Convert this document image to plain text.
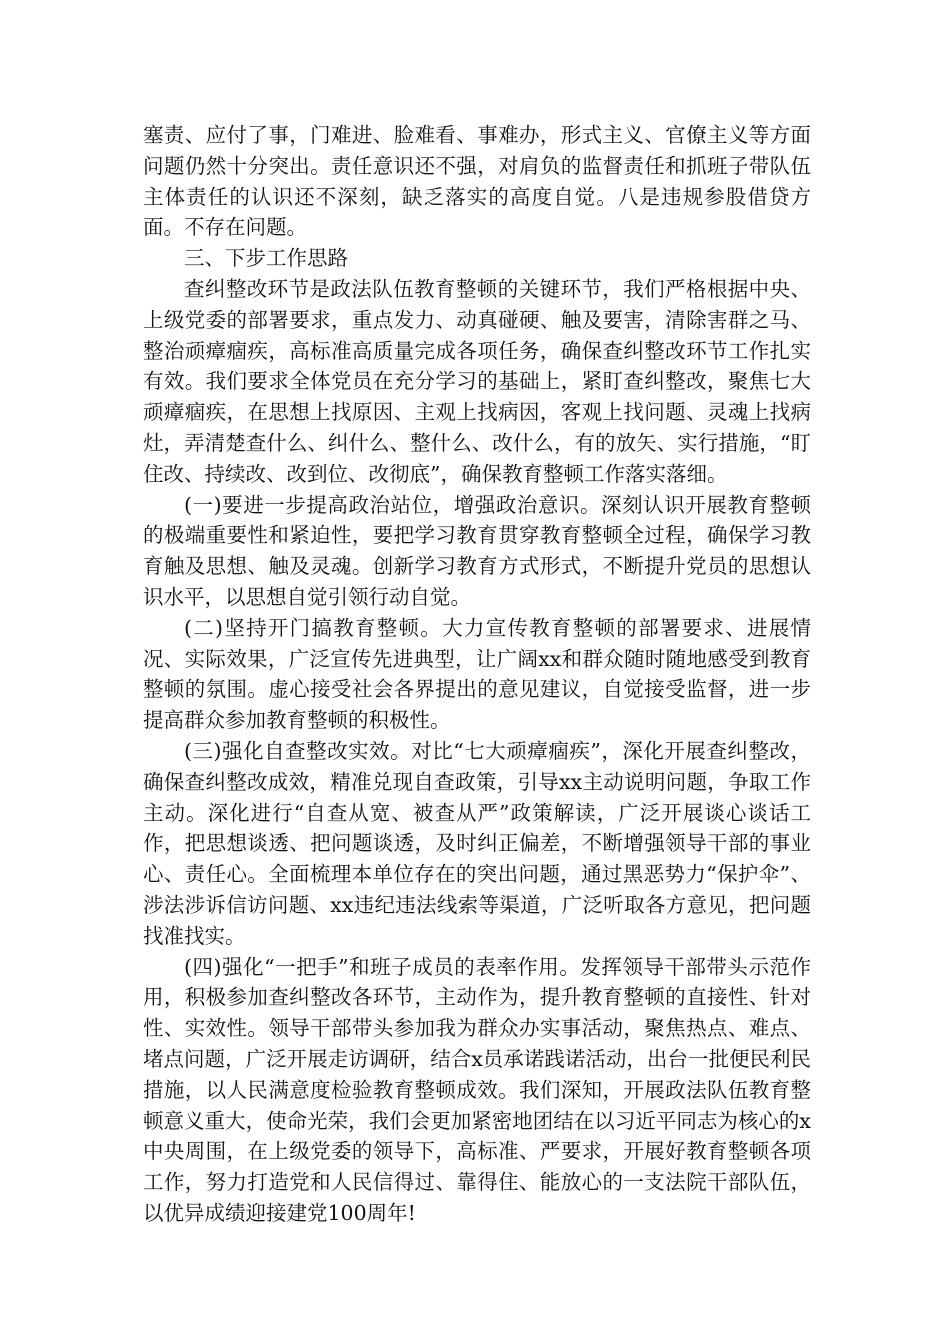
塞责、应付了事，门难进、脸难看、事难办，形式主义、官僚主义等方面问题仍然十分突出。责任意识还不强，对肩负的监督责任和抓班子带队伍主体责任的认识还不深刻，缺乏落实的高度自觉。八是违规参股借贷方面。不存在问题。

三、下步工作思路

查纠整改环节是政法队伍教育整顿的关键环节，我们严格根据中央、上级党委的部署要求，重点发力、动真碰硬、触及要害，清除害群之马、整治顽瘴痼疾，高标准高质量完成各项任务，确保查纠整改环节工作扎实有效。我们要求全体党员在充分学习的基础上，紧盯查纠整改，聚焦七大顽瘴痼疾，在思想上找原因、主观上找病因，客观上找问题、灵魂上找病灶，弄清楚查什么、纠什么、整什么、改什么，有的放矢、实行措施，“盯住改、持续改、改到位、改彻底”，确保教育整顿工作落实落细。

(一)要进一步提高政治站位，增强政治意识。深刻认识开展教育整顿的极端重要性和紧迫性，要把学习教育贯穿教育整顿全过程，确保学习教育触及思想、触及灵魂。创新学习教育方式形式，不断提升党员的思想认识水平，以思想自觉引领行动自觉。

(二)坚持开门搞教育整顿。大力宣传教育整顿的部署要求、进展情况、实际效果，广泛宣传先进典型，让广阔xx和群众随时随地感受到教育整顿的氛围。虚心接受社会各界提出的意见建议，自觉接受监督，进一步提高群众参加教育整顿的积极性。

(三)强化自查整改实效。对比“七大顽瘴痼疾”，深化开展查纠整改，确保查纠整改成效，精准兑现自查政策，引导xx主动说明问题，争取工作主动。深化进行“自查从宽、被查从严”政策解读，广泛开展谈心谈话工作，把思想谈透、把问题谈透，及时纠正偏差，不断增强领导干部的事业心、责任心。全面梳理本单位存在的突出问题，通过黑恶势力“保护伞”、涉法涉诉信访问题、xx违纪违法线索等渠道，广泛听取各方意见，把问题找准找实。

(四)强化“一把手”和班子成员的表率作用。发挥领导干部带头示范作用，积极参加查纠整改各环节，主动作为，提升教育整顿的直接性、针对性、实效性。领导干部带头参加我为群众办实事活动，聚焦热点、难点、堵点问题，广泛开展走访调研，结合x员承诺践诺活动，出台一批便民利民措施，以人民满意度检验教育整顿成效。我们深知，开展政法队伍教育整顿意义重大，使命光荣，我们会更加紧密地团结在以习近平同志为核心的x中央周围，在上级党委的领导下，高标准、严要求，开展好教育整顿各项工作，努力打造党和人民信得过、靠得住、能放心的一支法院干部队伍，以优异成绩迎接建党100周年!
